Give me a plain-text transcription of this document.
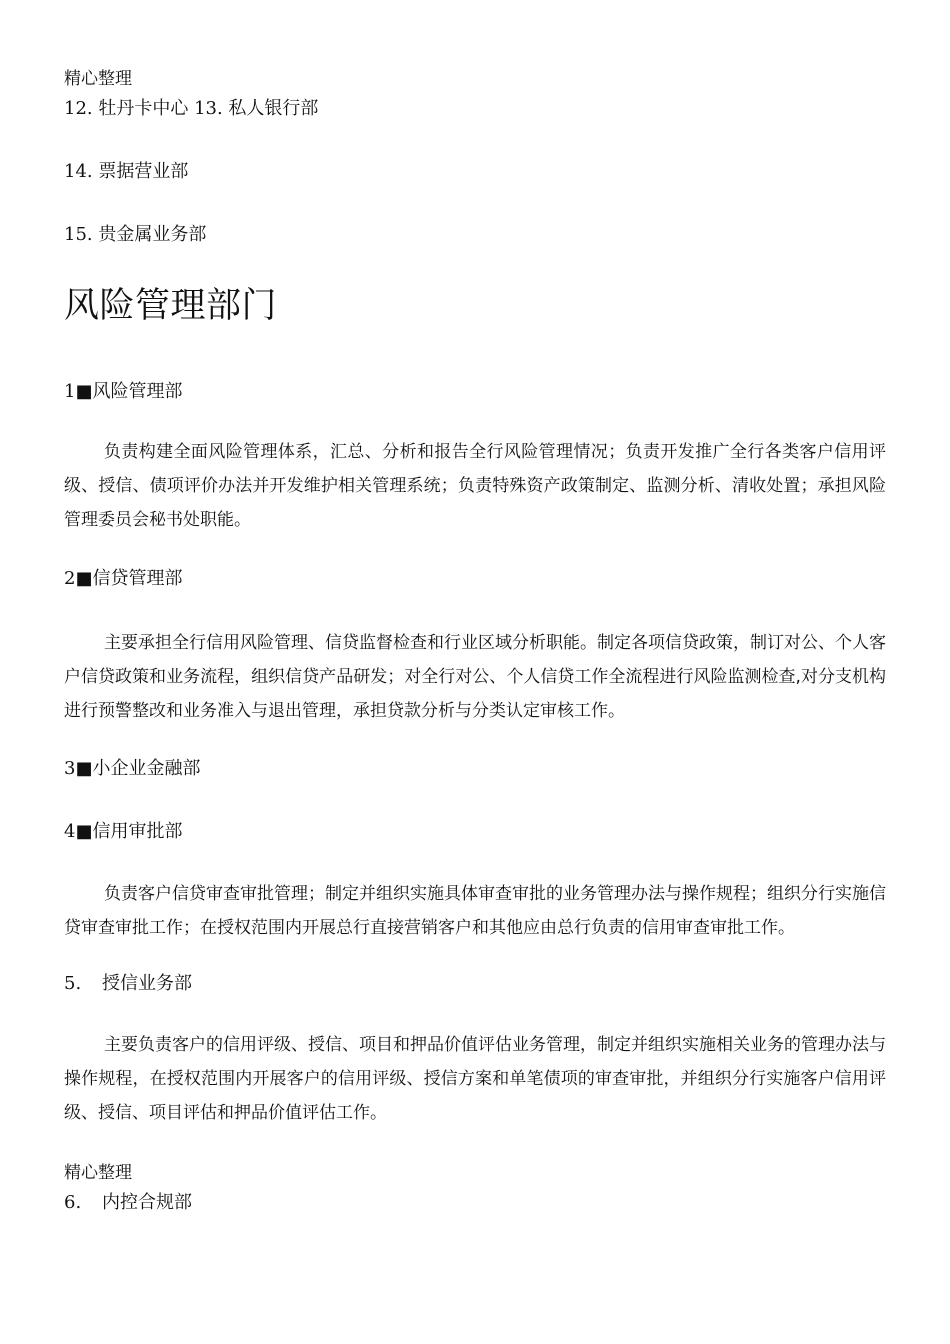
精心整理
12. 牡丹卡中心 13. 私人银行部
14. 票据营业部
15. 贵金属业务部
风险管理部门
1■风险管理部

负责构建全面风险管理体系，汇总、分析和报告全行风险管理情况；负责开发推广全行各类客户信用评级、授信、债项评价办法并开发维护相关管理系统；负责特殊资产政策制定、监测分析、清收处置；承担风险管理委员会秘书处职能。

2■信贷管理部

主要承担全行信用风险管理、信贷监督检查和行业区域分析职能。制定各项信贷政策，制订对公、个人客户信贷政策和业务流程，组织信贷产品研发；对全行对公、个人信贷工作全流程进行风险监测检查,对分支机构进行预警整改和业务准入与退出管理，承担贷款分析与分类认定审核工作。

3■小企业金融部
4■信用审批部

负责客户信贷审查审批管理；制定并组织实施具体审查审批的业务管理办法与操作规程；组织分行实施信贷审查审批工作；在授权范围内开展总行直接营销客户和其他应由总行负责的信用审查审批工作。

5. 授信业务部

主要负责客户的信用评级、授信、项目和押品价值评估业务管理，制定并组织实施相关业务的管理办法与操作规程，在授权范围内开展客户的信用评级、授信方案和单笔债项的审查审批，并组织分行实施客户信用评级、授信、项目评估和押品价值评估工作。

精心整理
6. 内控合规部
